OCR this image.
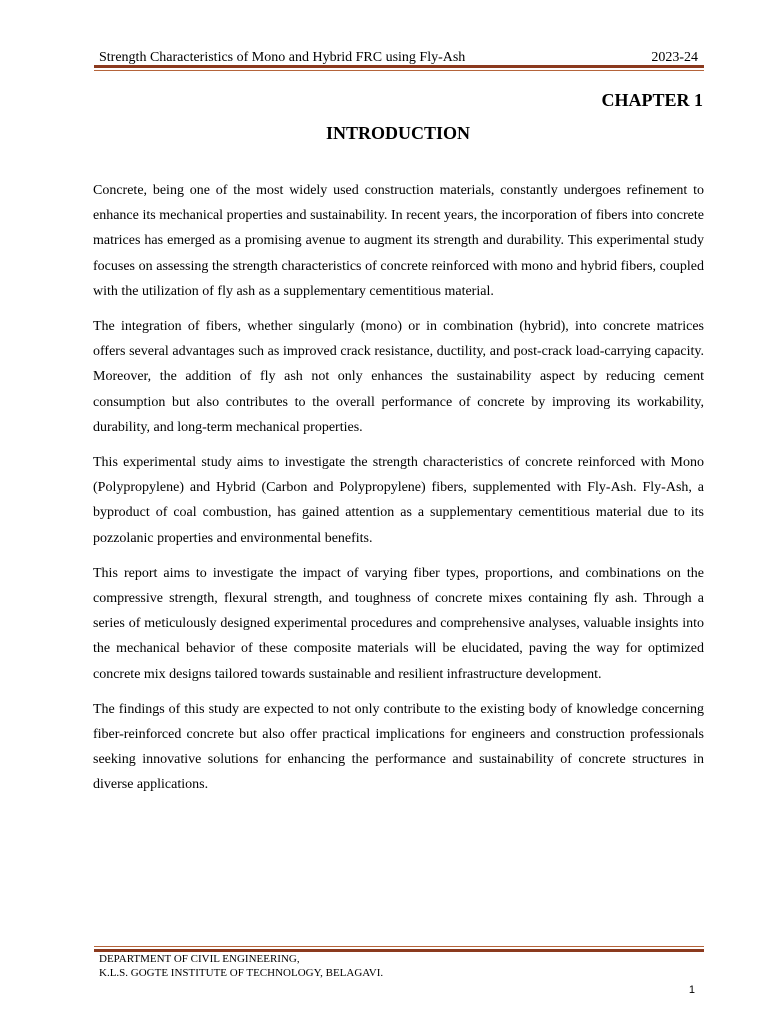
Strength Characteristics of Mono and Hybrid FRC using Fly-Ash	2023-24
CHAPTER 1
INTRODUCTION

Concrete, being one of the most widely used construction materials, constantly undergoes refinement to enhance its mechanical properties and sustainability. In recent years, the incorporation of fibers into concrete matrices has emerged as a promising avenue to augment its strength and durability. This experimental study focuses on assessing the strength characteristics of concrete reinforced with mono and hybrid fibers, coupled with the utilization of fly ash as a supplementary cementitious material.

The integration of fibers, whether singularly (mono) or in combination (hybrid), into concrete matrices offers several advantages such as improved crack resistance, ductility, and post-crack load-carrying capacity. Moreover, the addition of fly ash not only enhances the sustainability aspect by reducing cement consumption but also contributes to the overall performance of concrete by improving its workability, durability, and long-term mechanical properties.

This experimental study aims to investigate the strength characteristics of concrete reinforced with Mono (Polypropylene) and Hybrid (Carbon and Polypropylene) fibers, supplemented with Fly-Ash. Fly-Ash, a byproduct of coal combustion, has gained attention as a supplementary cementitious material due to its pozzolanic properties and environmental benefits.

This report aims to investigate the impact of varying fiber types, proportions, and combinations on the compressive strength, flexural strength, and toughness of concrete mixes containing fly ash. Through a series of meticulously designed experimental procedures and comprehensive analyses, valuable insights into the mechanical behavior of these composite materials will be elucidated, paving the way for optimized concrete mix designs tailored towards sustainable and resilient infrastructure development.

The findings of this study are expected to not only contribute to the existing body of knowledge concerning fiber-reinforced concrete but also offer practical implications for engineers and construction professionals seeking innovative solutions for enhancing the performance and sustainability of concrete structures in diverse applications.

DEPARTMENT OF CIVIL ENGINEERING,
K.L.S. GOGTE INSTITUTE OF TECHNOLOGY, BELAGAVI.
1
